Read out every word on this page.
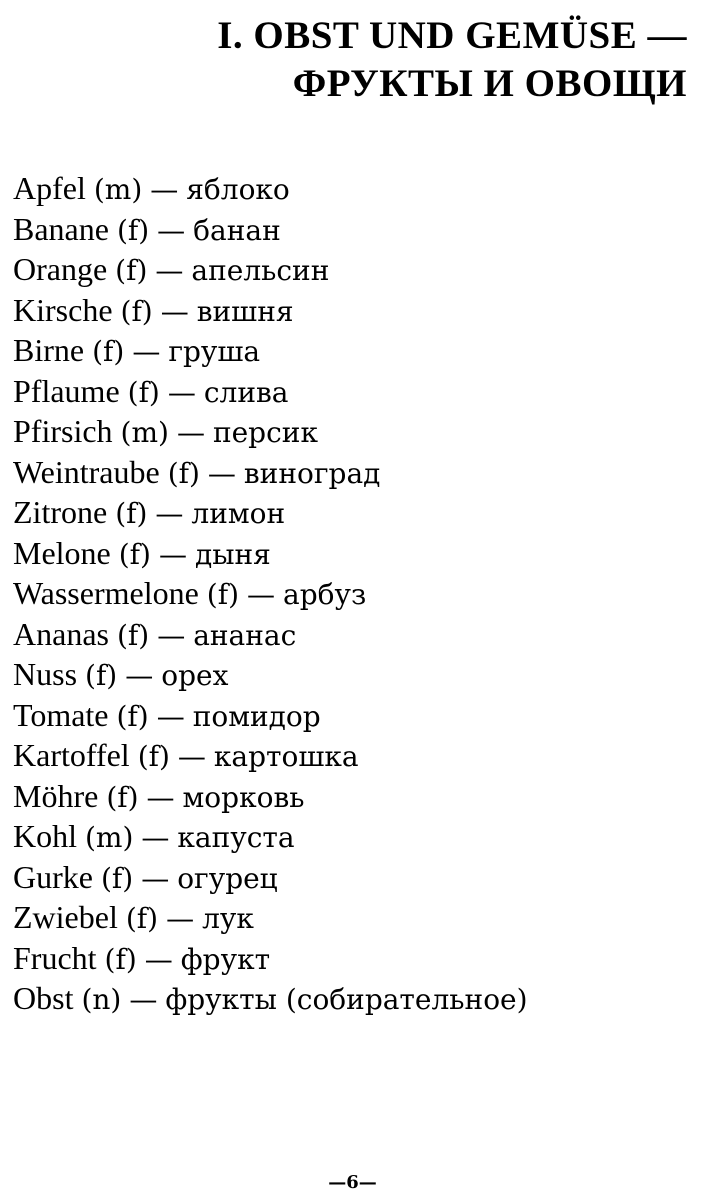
I. OBST UND GEMÜSE —
ФРУКТЫ И ОВОЩИ
Apfel (m) — яблоко
Banane (f) — банан
Orange (f) — апельсин
Kirsche (f) — вишня
Birne (f) — груша
Pflaume (f) — слива
Pfirsich (m) — персик
Weintraube (f) — виноград
Zitrone (f) — лимон
Melone (f) — дыня
Wassermelone (f) — арбуз
Ananas (f) — ананас
Nuss (f) — орех
Tomate (f) — помидор
Kartoffel (f) — картошка
Möhre (f) — морковь
Kohl (m) — капуста
Gurke (f) — огурец
Zwiebel (f) — лук
Frucht (f) — фрукт
Obst (n) — фрукты (собирательное)
—6—
